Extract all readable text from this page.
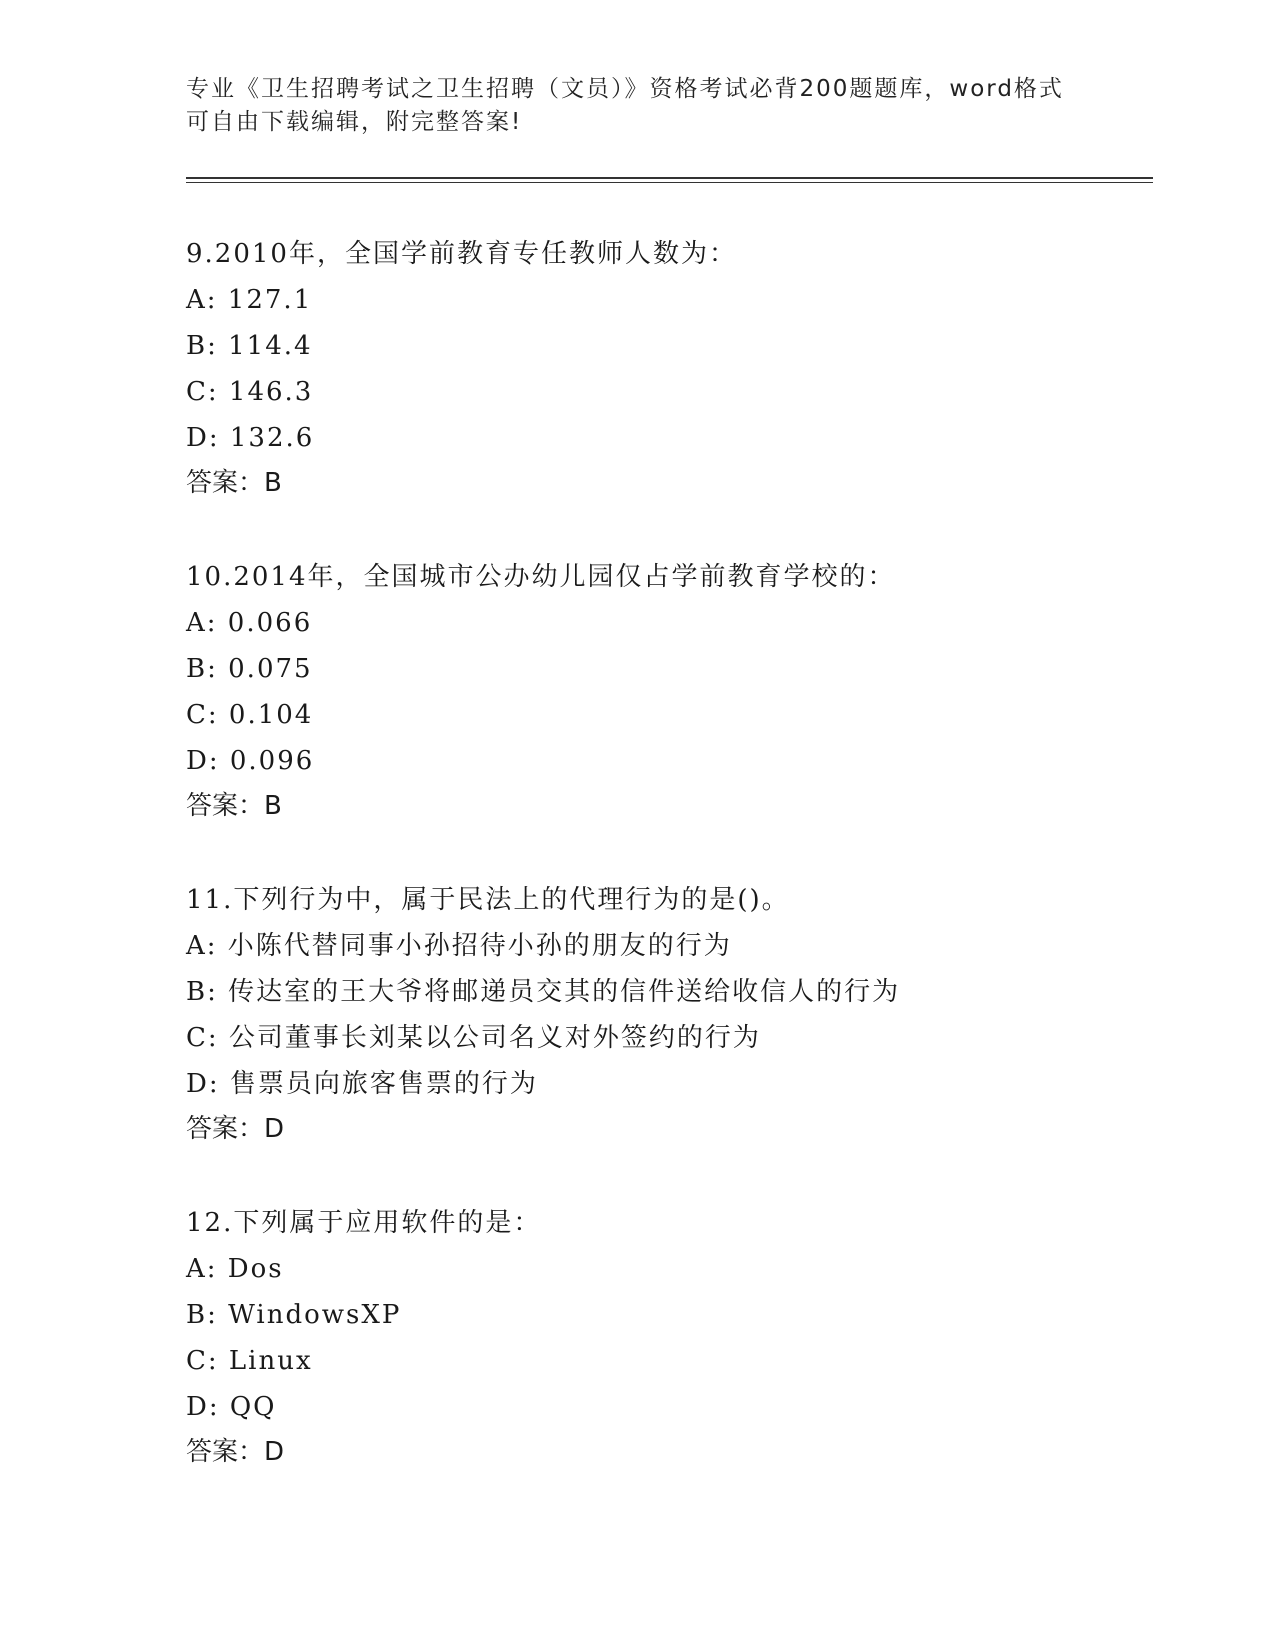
专业《卫生招聘考试之卫生招聘（文员）》资格考试必背200题题库，word格式
可自由下载编辑，附完整答案!
9.2010年，全国学前教育专任教师人数为：
A: 127.1
B: 114.4
C: 146.3
D: 132.6
答案：B
10.2014年，全国城市公办幼儿园仅占学前教育学校的：
A: 0.066
B: 0.075
C: 0.104
D: 0.096
答案：B
11.下列行为中，属于民法上的代理行为的是()。
A: 小陈代替同事小孙招待小孙的朋友的行为
B: 传达室的王大爷将邮递员交其的信件送给收信人的行为
C: 公司董事长刘某以公司名义对外签约的行为
D: 售票员向旅客售票的行为
答案：D
12.下列属于应用软件的是：
A: Dos
B: WindowsXP
C: Linux
D: QQ
答案：D
